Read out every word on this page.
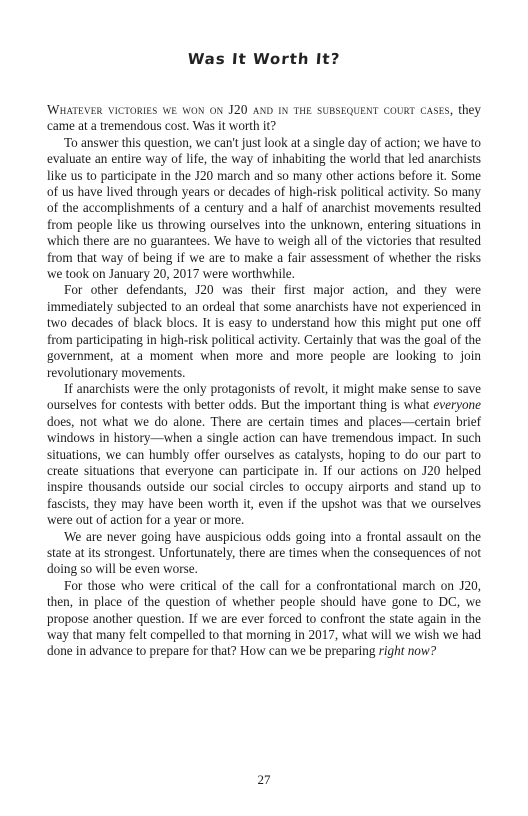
Was It Worth It?

Whatever victories we won on J20 and in the subsequent court cases, they came at a tremendous cost. Was it worth it?

To answer this question, we can't just look at a single day of action; we have to evaluate an entire way of life, the way of inhabiting the world that led anarchists like us to participate in the J20 march and so many other actions before it. Some of us have lived through years or decades of high-risk political activity. So many of the accomplishments of a century and a half of anarchist movements resulted from people like us throwing ourselves into the unknown, entering situations in which there are no guarantees. We have to weigh all of the victories that resulted from that way of being if we are to make a fair assessment of whether the risks we took on January 20, 2017 were worthwhile.

For other defendants, J20 was their first major action, and they were immediately subjected to an ordeal that some anarchists have not experienced in two decades of black blocs. It is easy to understand how this might put one off from participating in high-risk political activity. Certainly that was the goal of the government, at a moment when more and more people are looking to join revolutionary movements.

If anarchists were the only protagonists of revolt, it might make sense to save ourselves for contests with better odds. But the important thing is what everyone does, not what we do alone. There are certain times and places—certain brief windows in history—when a single action can have tremendous impact. In such situations, we can humbly offer ourselves as catalysts, hoping to do our part to create situations that everyone can participate in. If our actions on J20 helped inspire thousands outside our social circles to occupy airports and stand up to fascists, they may have been worth it, even if the upshot was that we ourselves were out of action for a year or more.

We are never going have auspicious odds going into a frontal assault on the state at its strongest. Unfortunately, there are times when the consequences of not doing so will be even worse.

For those who were critical of the call for a confrontational march on J20, then, in place of the question of whether people should have gone to DC, we propose another question. If we are ever forced to confront the state again in the way that many felt compelled to that morning in 2017, what will we wish we had done in advance to prepare for that? How can we be preparing right now?

27
